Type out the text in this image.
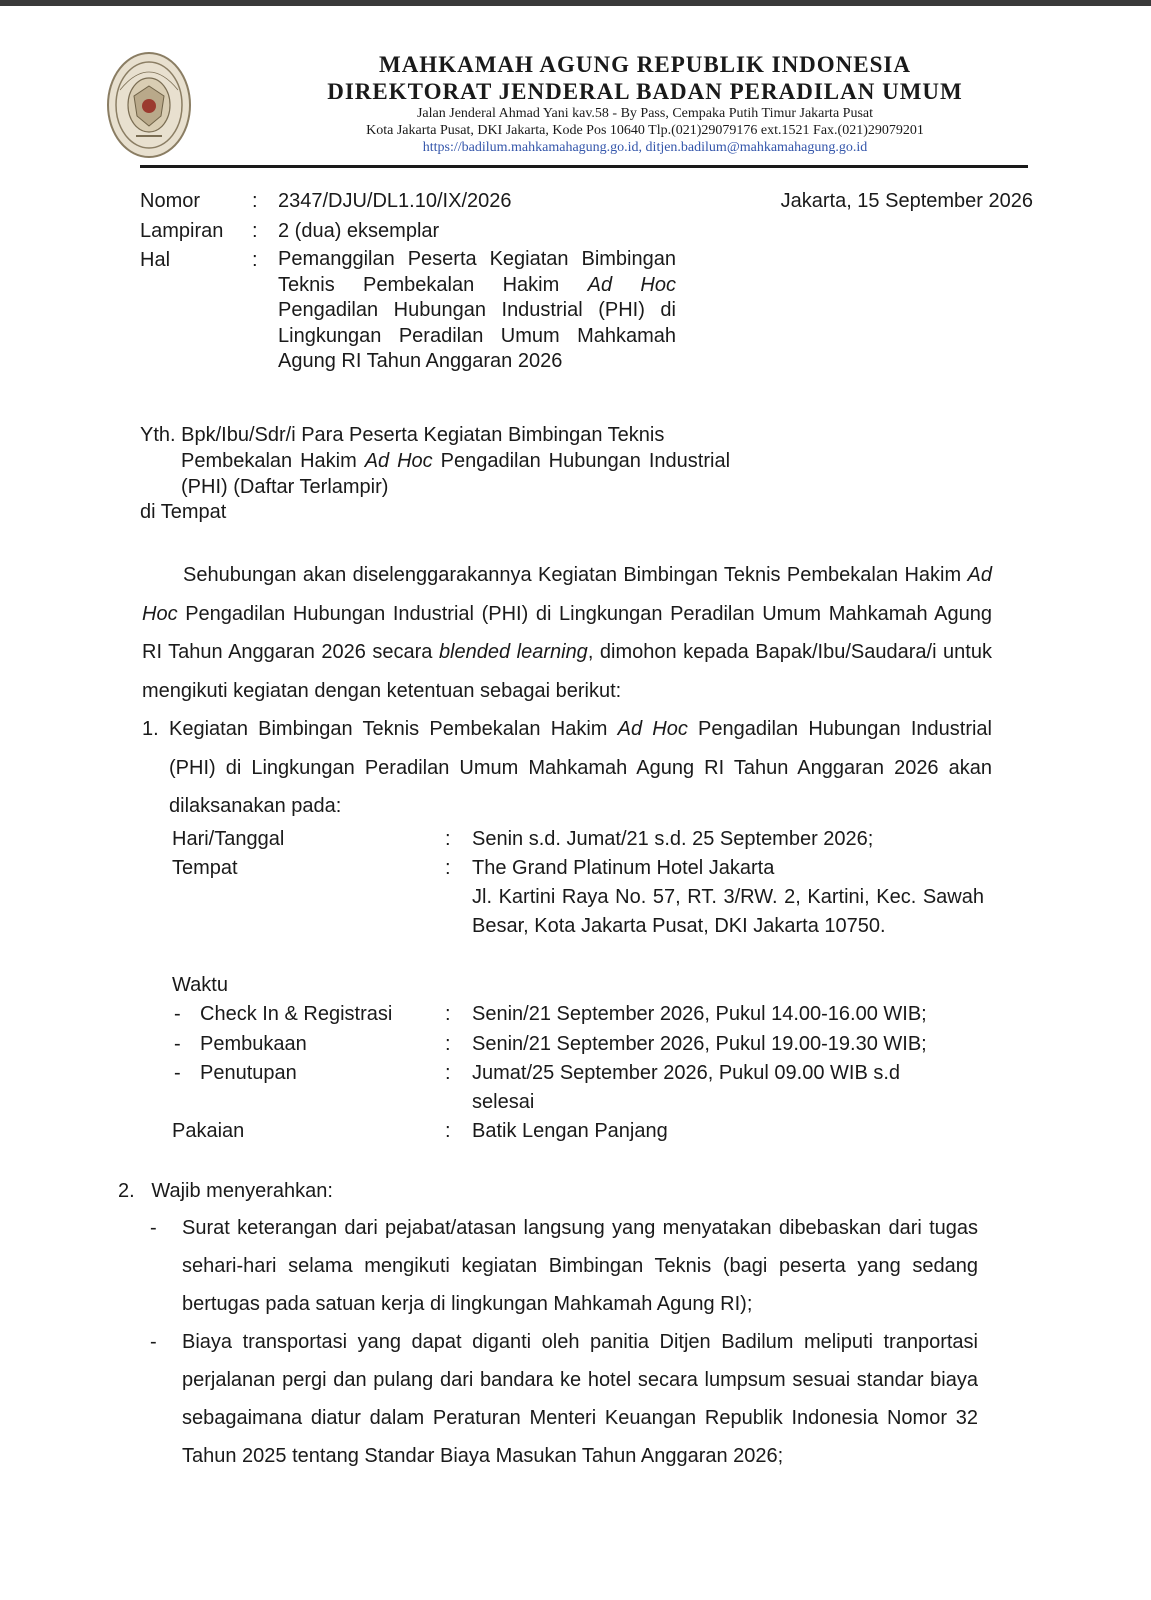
MAHKAMAH AGUNG REPUBLIK INDONESIA
DIREKTORAT JENDERAL BADAN PERADILAN UMUM
Jalan Jenderal Ahmad Yani kav.58 - By Pass, Cempaka Putih Timur Jakarta Pusat
Kota Jakarta Pusat, DKI Jakarta, Kode Pos 10640 Tlp.(021)29079176 ext.1521 Fax.(021)29079201
https://badilum.mahkamahagung.go.id, ditjen.badilum@mahkamahagung.go.id
Nomor	:	2347/DJU/DL1.10/IX/2026	Jakarta, 15 September 2026
Lampiran	:	2 (dua) eksemplar
Hal	:	Pemanggilan Peserta Kegiatan Bimbingan Teknis Pembekalan Hakim Ad Hoc Pengadilan Hubungan Industrial (PHI) di Lingkungan Peradilan Umum Mahkamah Agung RI Tahun Anggaran 2026
Yth. Bpk/Ibu/Sdr/i Para Peserta Kegiatan Bimbingan Teknis
Pembekalan Hakim Ad Hoc Pengadilan Hubungan Industrial (PHI) (Daftar Terlampir)
di Tempat
Sehubungan akan diselenggarakannya Kegiatan Bimbingan Teknis Pembekalan Hakim Ad Hoc Pengadilan Hubungan Industrial (PHI) di Lingkungan Peradilan Umum Mahkamah Agung RI Tahun Anggaran 2026 secara blended learning, dimohon kepada Bapak/Ibu/Saudara/i untuk mengikuti kegiatan dengan ketentuan sebagai berikut:
1. Kegiatan Bimbingan Teknis Pembekalan Hakim Ad Hoc Pengadilan Hubungan Industrial (PHI) di Lingkungan Peradilan Umum Mahkamah Agung RI Tahun Anggaran 2026 akan dilaksanakan pada:
Hari/Tanggal	: Senin s.d. Jumat/21 s.d. 25 September 2026;
Tempat	: The Grand Platinum Hotel Jakarta
Jl. Kartini Raya No. 57, RT. 3/RW. 2, Kartini, Kec. Sawah Besar, Kota Jakarta Pusat, DKI Jakarta 10750.
Waktu
- Check In & Registrasi	: Senin/21 September 2026, Pukul 14.00-16.00 WIB;
- Pembukaan	: Senin/21 September 2026, Pukul 19.00-19.30 WIB;
- Penutupan	: Jumat/25 September 2026, Pukul 09.00 WIB s.d
selesai
Pakaian	: Batik Lengan Panjang
2. Wajib menyerahkan:
- Surat keterangan dari pejabat/atasan langsung yang menyatakan dibebaskan dari tugas sehari-hari selama mengikuti kegiatan Bimbingan Teknis (bagi peserta yang sedang bertugas pada satuan kerja di lingkungan Mahkamah Agung RI);
- Biaya transportasi yang dapat diganti oleh panitia Ditjen Badilum meliputi tranportasi perjalanan pergi dan pulang dari bandara ke hotel secara lumpsum sesuai standar biaya sebagaimana diatur dalam Peraturan Menteri Keuangan Republik Indonesia Nomor 32 Tahun 2025 tentang Standar Biaya Masukan Tahun Anggaran 2026;
